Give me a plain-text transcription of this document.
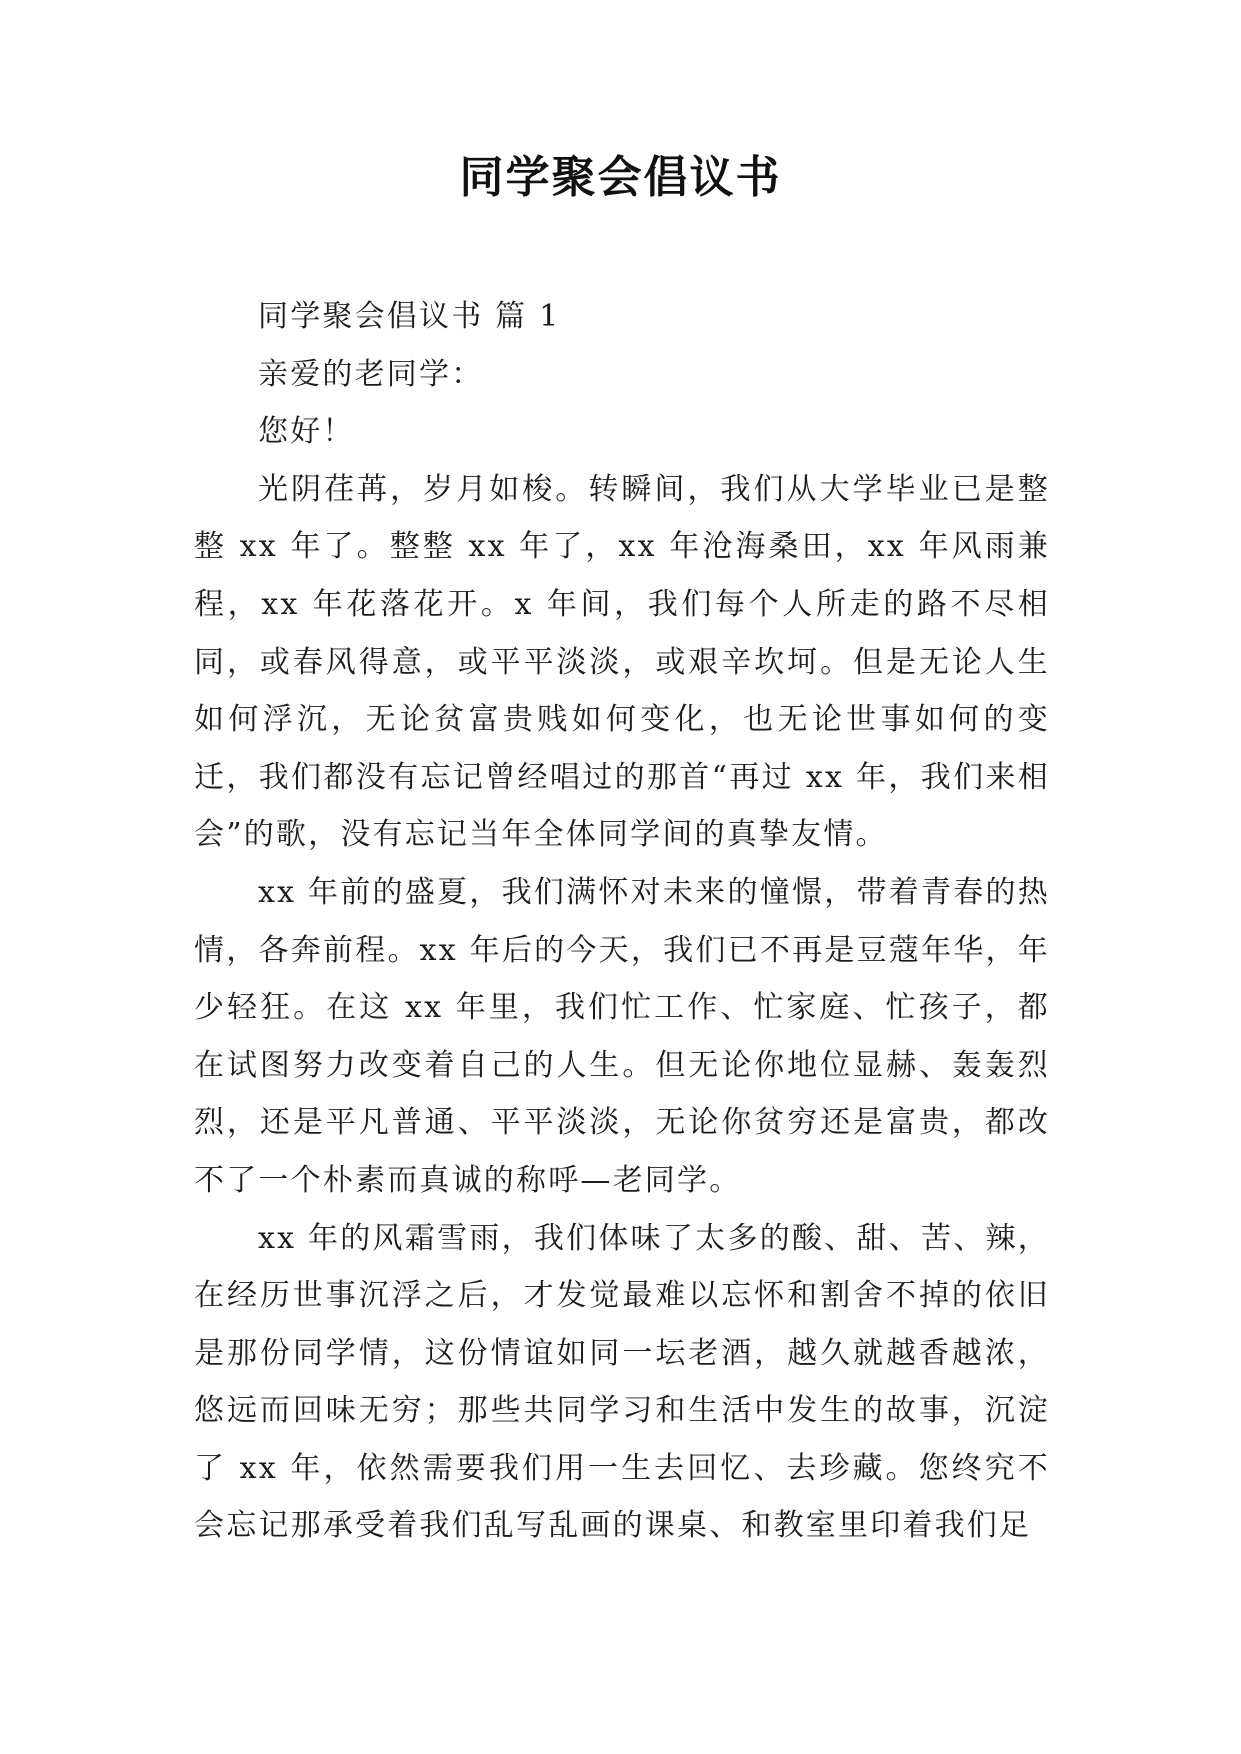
同学聚会倡议书

同学聚会倡议书 篇 1

亲爱的老同学：

您好！

光阴荏苒，岁月如梭。转瞬间，我们从大学毕业已是整整 xx 年了。整整 xx 年了，xx 年沧海桑田，xx 年风雨兼程，xx 年花落花开。x 年间，我们每个人所走的路不尽相同，或春风得意，或平平淡淡，或艰辛坎坷。但是无论人生如何浮沉，无论贫富贵贱如何变化，也无论世事如何的变迁，我们都没有忘记曾经唱过的那首“再过 xx 年，我们来相会”的歌，没有忘记当年全体同学间的真挚友情。

xx 年前的盛夏，我们满怀对未来的憧憬，带着青春的热情，各奔前程。xx 年后的今天，我们已不再是豆蔻年华，年少轻狂。在这 xx 年里，我们忙工作、忙家庭、忙孩子，都在试图努力改变着自己的人生。但无论你地位显赫、轰轰烈烈，还是平凡普通、平平淡淡，无论你贫穷还是富贵，都改不了一个朴素而真诚的称呼—老同学。

xx 年的风霜雪雨，我们体味了太多的酸、甜、苦、辣，在经历世事沉浮之后，才发觉最难以忘怀和割舍不掉的依旧是那份同学情，这份情谊如同一坛老酒，越久就越香越浓，悠远而回味无穷；那些共同学习和生活中发生的故事，沉淀了 xx 年，依然需要我们用一生去回忆、去珍藏。您终究不会忘记那承受着我们乱写乱画的课桌、和教室里印着我们足
